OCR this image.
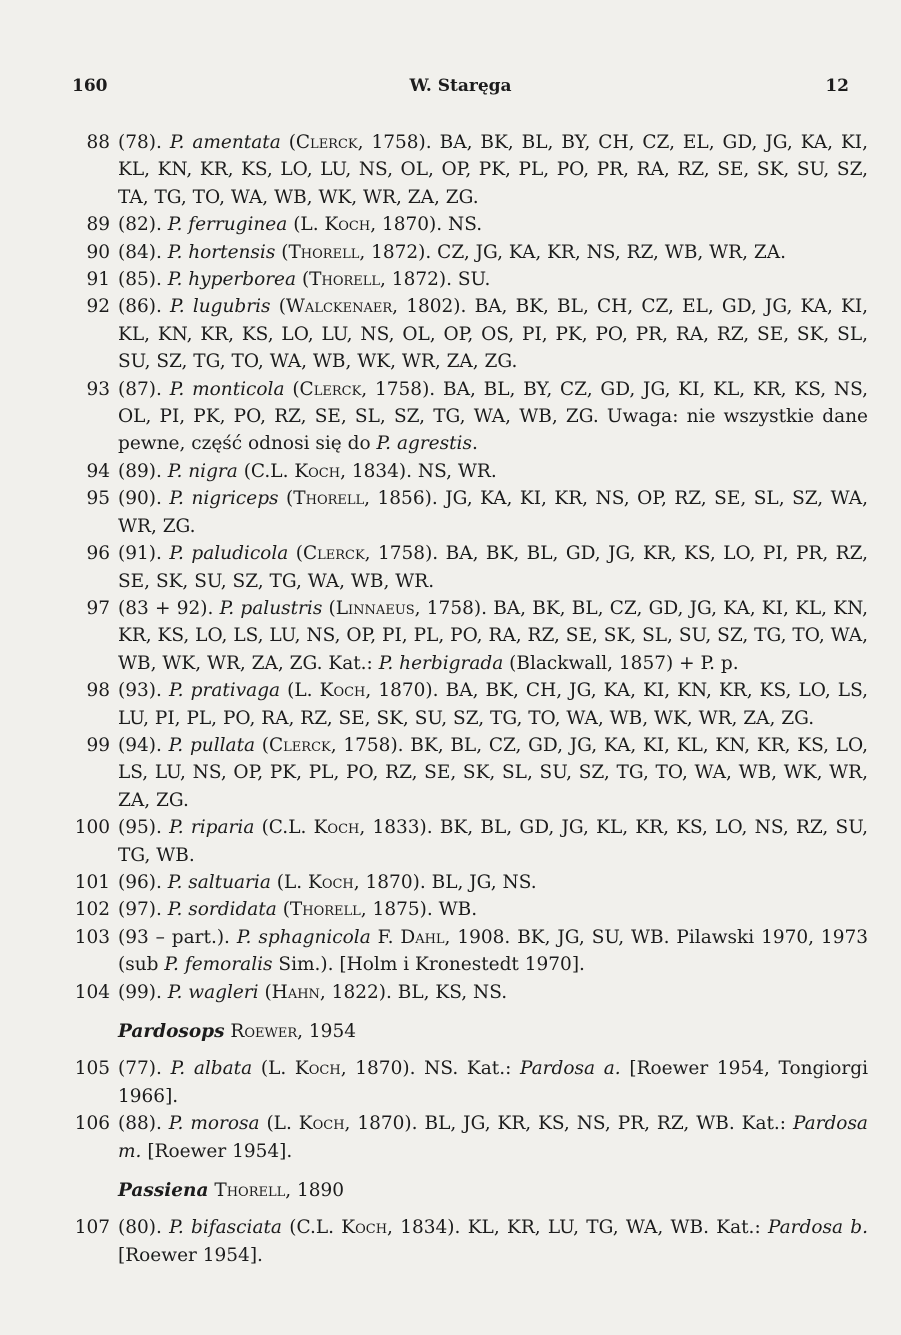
160	W. Staręga	12
88 (78). P. amentata (Clerck, 1758). BA, BK, BL, BY, CH, CZ, EL, GD, JG, KA, KI, KL, KN, KR, KS, LO, LU, NS, OL, OP, PK, PL, PO, PR, RA, RZ, SE, SK, SU, SZ, TA, TG, TO, WA, WB, WK, WR, ZA, ZG.

89 (82). P. ferruginea (L. Koch, 1870). NS.

90 (84). P. hortensis (Thorell, 1872). CZ, JG, KA, KR, NS, RZ, WB, WR, ZA.

91 (85). P. hyperborea (Thorell, 1872). SU.

92 (86). P. lugubris (Walckenaer, 1802). BA, BK, BL, CH, CZ, EL, GD, JG, KA, KI, KL, KN, KR, KS, LO, LU, NS, OL, OP, OS, PI, PK, PO, PR, RA, RZ, SE, SK, SL, SU, SZ, TG, TO, WA, WB, WK, WR, ZA, ZG.

93 (87). P. monticola (Clerck, 1758). BA, BL, BY, CZ, GD, JG, KI, KL, KR, KS, NS, OL, PI, PK, PO, RZ, SE, SL, SZ, TG, WA, WB, ZG. Uwaga: nie wszystkie dane pewne, część odnosi się do P. agrestis.

94 (89). P. nigra (C.L. Koch, 1834). NS, WR.

95 (90). P. nigriceps (Thorell, 1856). JG, KA, KI, KR, NS, OP, RZ, SE, SL, SZ, WA, WR, ZG.

96 (91). P. paludicola (Clerck, 1758). BA, BK, BL, GD, JG, KR, KS, LO, PI, PR, RZ, SE, SK, SU, SZ, TG, WA, WB, WR.

97 (83 + 92). P. palustris (Linnaeus, 1758). BA, BK, BL, CZ, GD, JG, KA, KI, KL, KN, KR, KS, LO, LS, LU, NS, OP, PI, PL, PO, RA, RZ, SE, SK, SL, SU, SZ, TG, TO, WA, WB, WK, WR, ZA, ZG. Kat.: P. herbigrada (Blackwall, 1857) + P. p.

98 (93). P. prativaga (L. Koch, 1870). BA, BK, CH, JG, KA, KI, KN, KR, KS, LO, LS, LU, PI, PL, PO, RA, RZ, SE, SK, SU, SZ, TG, TO, WA, WB, WK, WR, ZA, ZG.

99 (94). P. pullata (Clerck, 1758). BK, BL, CZ, GD, JG, KA, KI, KL, KN, KR, KS, LO, LS, LU, NS, OP, PK, PL, PO, RZ, SE, SK, SL, SU, SZ, TG, TO, WA, WB, WK, WR, ZA, ZG.

100 (95). P. riparia (C.L. Koch, 1833). BK, BL, GD, JG, KL, KR, KS, LO, NS, RZ, SU, TG, WB.

101 (96). P. saltuaria (L. Koch, 1870). BL, JG, NS.

102 (97). P. sordidata (Thorell, 1875). WB.

103 (93 – part.). P. sphagnicola F. Dahl, 1908. BK, JG, SU, WB. Pilawski 1970, 1973 (sub P. femoralis Sim.). [Holm i Kronestedt 1970].

104 (99). P. wagleri (Hahn, 1822). BL, KS, NS.

Pardosops Roewer, 1954
105 (77). P. albata (L. Koch, 1870). NS. Kat.: Pardosa a. [Roewer 1954, Tongiorgi 1966].

106 (88). P. morosa (L. Koch, 1870). BL, JG, KR, KS, NS, PR, RZ, WB. Kat.: Pardosa m. [Roewer 1954].

Passiena Thorell, 1890
107 (80). P. bifasciata (C.L. Koch, 1834). KL, KR, LU, TG, WA, WB. Kat.: Pardosa b. [Roewer 1954].
